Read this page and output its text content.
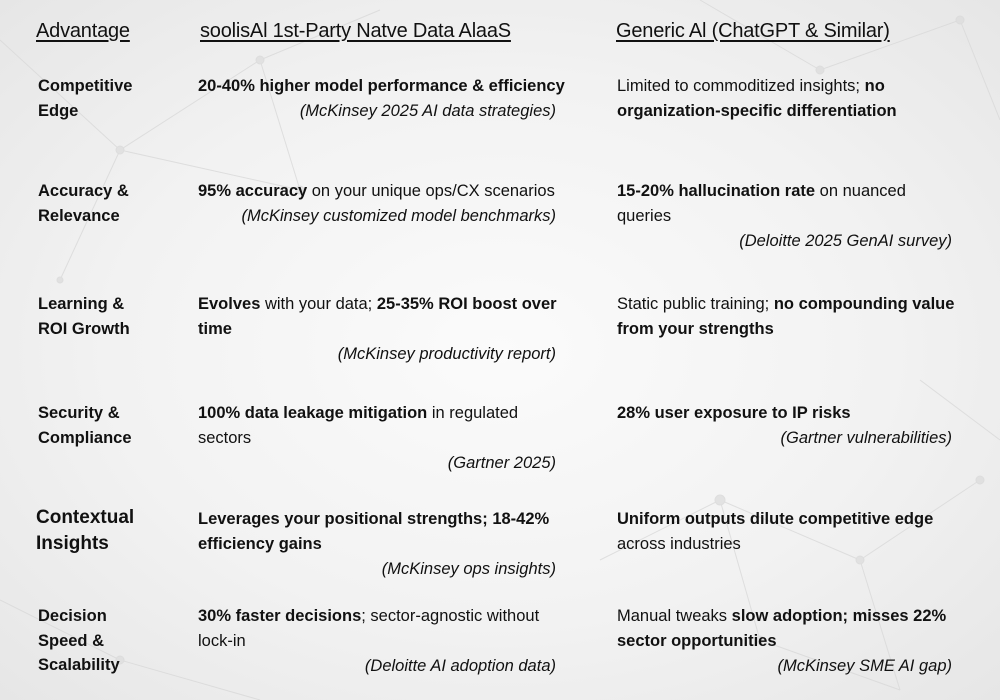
Advantage	soolisAl 1st-Party Natve Data AlaaS	Generic Al (ChatGPT & Similar)
Competitive Edge
20-40% higher model performance & efficiency
(McKinsey 2025 AI data strategies)
Limited to commoditized insights; no organization-specific differentiation
Accuracy & Relevance
95% accuracy on your unique ops/CX scenarios
(McKinsey customized model benchmarks)
15-20% hallucination rate on nuanced queries
(Deloitte 2025 GenAI survey)
Learning & ROI Growth
Evolves with your data; 25-35% ROI boost over time
(McKinsey productivity report)
Static public training; no compounding value from your strengths
Security & Compliance
100% data leakage mitigation in regulated sectors
(Gartner 2025)
28% user exposure to IP risks
(Gartner vulnerabilities)
Contextual Insights
Leverages your positional strengths; 18-42% efficiency gains
(McKinsey ops insights)
Uniform outputs dilute competitive edge across industries
Decision Speed & Scalability
30% faster decisions; sector-agnostic without lock-in
(Deloitte AI adoption data)
Manual tweaks slow adoption; misses 22% sector opportunities
(McKinsey SME AI gap)
